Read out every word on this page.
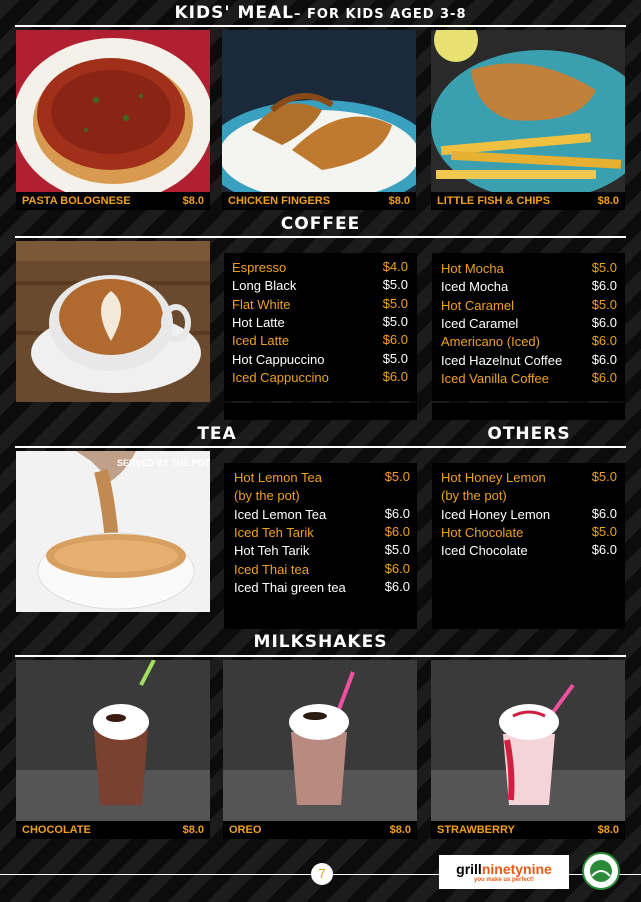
KIDS' MEAL– FOR KIDS AGED 3-8
PASTA BOLOGNESE	$8.0 CHICKEN FINGERS	$8.0 LITTLE FISH & CHIPS	$8.0
COFFEE
Espresso	$4.0
Long Black	$5.0
Flat White	$5.0
Hot Latte	$5.0
Iced Latte	$6.0
Hot Cappuccino	$5.0
Iced Cappuccino	$6.0
Hot Mocha	$5.0
Iced Mocha	$6.0
Hot Caramel	$5.0
Iced Caramel	$6.0
Americano (Iced)	$6.0
Iced Hazelnut Coffee	$6.0
Iced Vanilla Coffee	$6.0
TEA	OTHERS
SERVED BY THE POT
Hot Lemon Tea	$5.0
(by the pot)
Iced Lemon Tea	$6.0
Iced Teh Tarik	$6.0
Hot Teh Tarik	$5.0
Iced Thai tea	$6.0
Iced Thai green tea	$6.0
Hot Honey Lemon	$5.0
(by the pot)
Iced Honey Lemon	$6.0
Hot Chocolate	$5.0
Iced Chocolate	$6.0
MILKSHAKES
CHOCOLATE	$8.0 OREO	$8.0 STRAWBERRY	$8.0
7	grillninetynine
you make us perfect!
